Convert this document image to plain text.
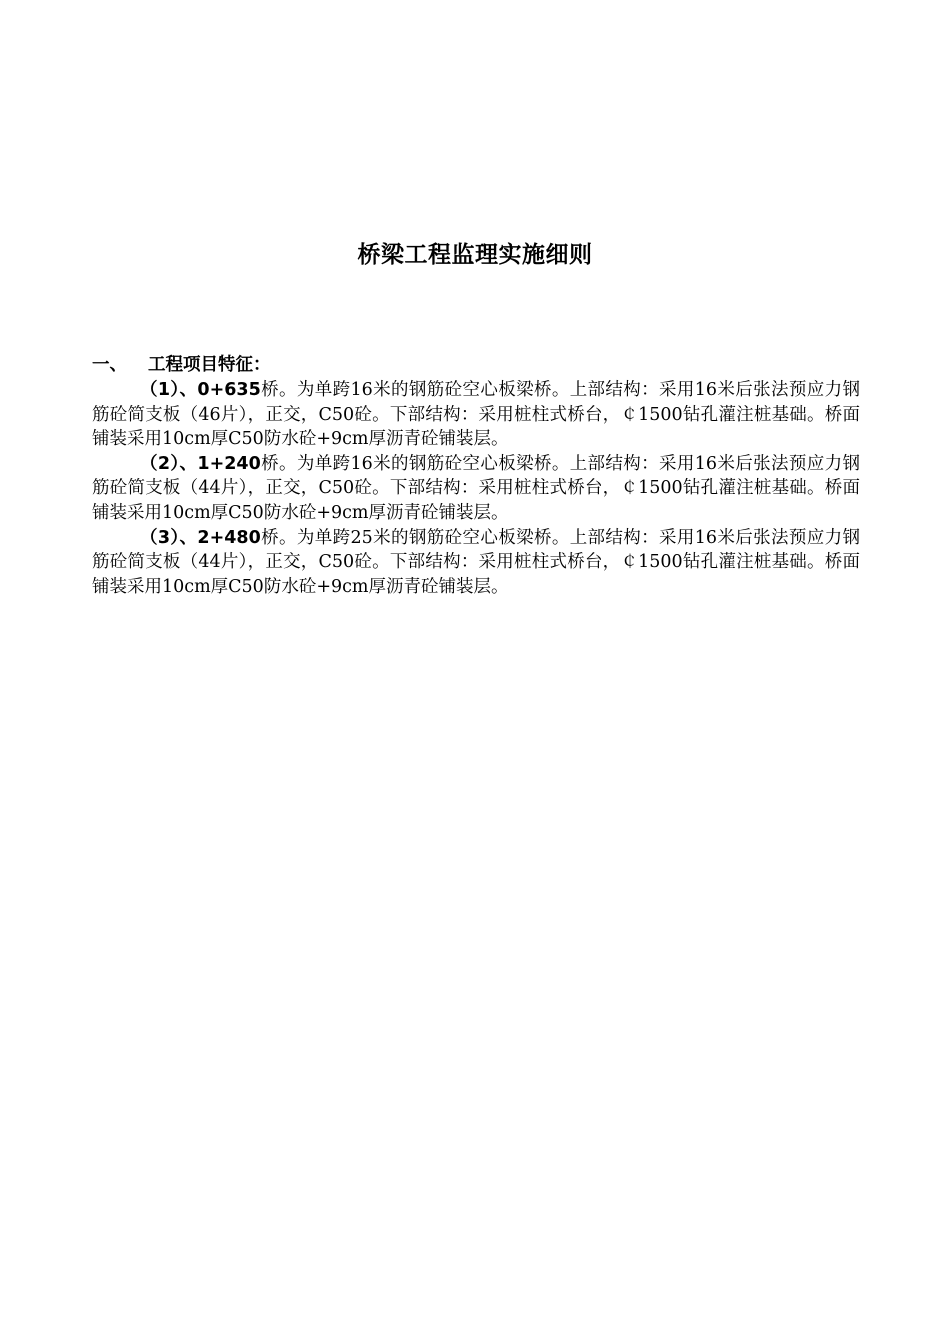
桥梁工程监理实施细则
一、 工程项目特征：

（1）、0+635桥。为单跨16米的钢筋砼空心板梁桥。上部结构：采用16米后张法预应力钢筋砼简支板（46片），正交，C50砼。下部结构：采用桩柱式桥台，￠1500钻孔灌注桩基础。桥面铺装采用10cm厚C50防水砼+9cm厚沥青砼铺装层。

（2）、1+240桥。为单跨16米的钢筋砼空心板梁桥。上部结构：采用16米后张法预应力钢筋砼简支板（44片），正交，C50砼。下部结构：采用桩柱式桥台，￠1500钻孔灌注桩基础。桥面铺装采用10cm厚C50防水砼+9cm厚沥青砼铺装层。

（3）、2+480桥。为单跨25米的钢筋砼空心板梁桥。上部结构：采用16米后张法预应力钢筋砼简支板（44片），正交，C50砼。下部结构：采用桩柱式桥台，￠1500钻孔灌注桩基础。桥面铺装采用10cm厚C50防水砼+9cm厚沥青砼铺装层。
